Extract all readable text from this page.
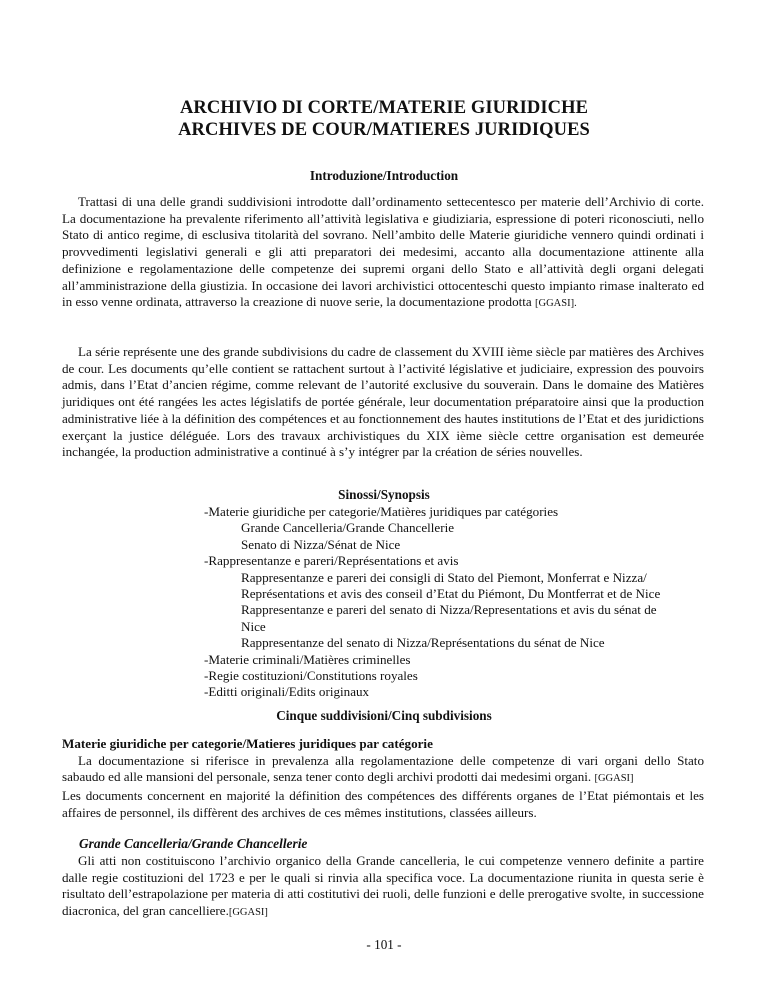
ARCHIVIO DI CORTE/MATERIE GIURIDICHE
ARCHIVES DE COUR/MATIERES JURIDIQUES
Introduzione/Introduction
Trattasi di una delle grandi suddivisioni introdotte dall’ordinamento settecentesco per materie dell’Archivio di corte. La documentazione ha prevalente riferimento all’attività legislativa e giudiziaria, espressione di poteri riconosciuti, nello Stato di antico regime, di esclusiva titolarità del sovrano. Nell’ambito delle Materie giuridiche vennero quindi ordinati i provvedimenti legislativi generali e gli atti preparatori dei medesimi, accanto alla documentazione attinente alla definizione e regolamentazione delle competenze dei supremi organi dello Stato e all’attività degli organi delegati all’amministrazione della giustizia. In occasione dei lavori archivistici ottocenteschi questo impianto rimase inalterato ed in esso venne ordinata, attraverso la creazione di nuove serie, la documentazione prodotta [GGASI].
La série représente une des grande subdivisions du cadre de classement du XVIII ième siècle par matières des Archives de cour. Les documents qu’elle contient se rattachent surtout à l’activité législative et judiciaire, expression des pouvoirs admis, dans l’Etat d’ancien régime, comme relevant de l’autorité exclusive du souverain. Dans le domaine des Matières juridiques ont été rangées les actes législatifs de portée générale, leur documentation préparatoire ainsi que la production administrative liée à la définition des compétences et au fonctionnement des hautes institutions de l’Etat et des juridictions exerçant la justice déléguée. Lors des travaux archivistiques du XIX ième siècle cettre organisation est demeurée inchangée, la production administrative a continué à s’y intégrer par la création de séries nouvelles.
Sinossi/Synopsis
-Materie giuridiche per categorie/Matières juridiques par catégories
Grande Cancelleria/Grande Chancellerie
Senato di Nizza/Sénat de Nice
-Rappresentanze e pareri/Représentations et avis
Rappresentanze e pareri dei consigli di Stato del Piemont, Monferrat e Nizza/
Représentations et avis des conseil d’Etat du Piémont, Du Montferrat et de Nice
Rappresentanze e pareri del senato di Nizza/Representations et avis du sénat de
Nice
Rappresentanze del senato di Nizza/Représentations du sénat de Nice
-Materie criminali/Matières criminelles
-Regie costituzioni/Constitutions royales
-Editti originali/Edits originaux
Cinque suddivisioni/Cinq subdivisions
Materie giuridiche per categorie/Matieres juridiques par catégorie
La documentazione si riferisce in prevalenza alla regolamentazione delle competenze di vari organi dello Stato sabaudo ed alle mansioni del personale, senza tener conto degli archivi prodotti dai medesimi organi. [GGASI]
Les documents concernent en majorité la définition des compétences des différents organes de l’Etat piémontais et les affaires de personnel, ils diffèrent des archives de ces mêmes institutions, classées ailleurs.
Grande Cancelleria/Grande Chancellerie
Gli atti non costituiscono l’archivio organico della Grande cancelleria, le cui competenze vennero definite a partire dalle regie costituzioni del 1723 e per le quali si rinvia alla specifica voce. La documentazione riunita in questa serie è risultato dell’estrapolazione per materia di atti costitutivi dei ruoli, delle funzioni e delle prerogative svolte, in successione diacronica, del gran cancelliere.[GGASI]
- 101 -
